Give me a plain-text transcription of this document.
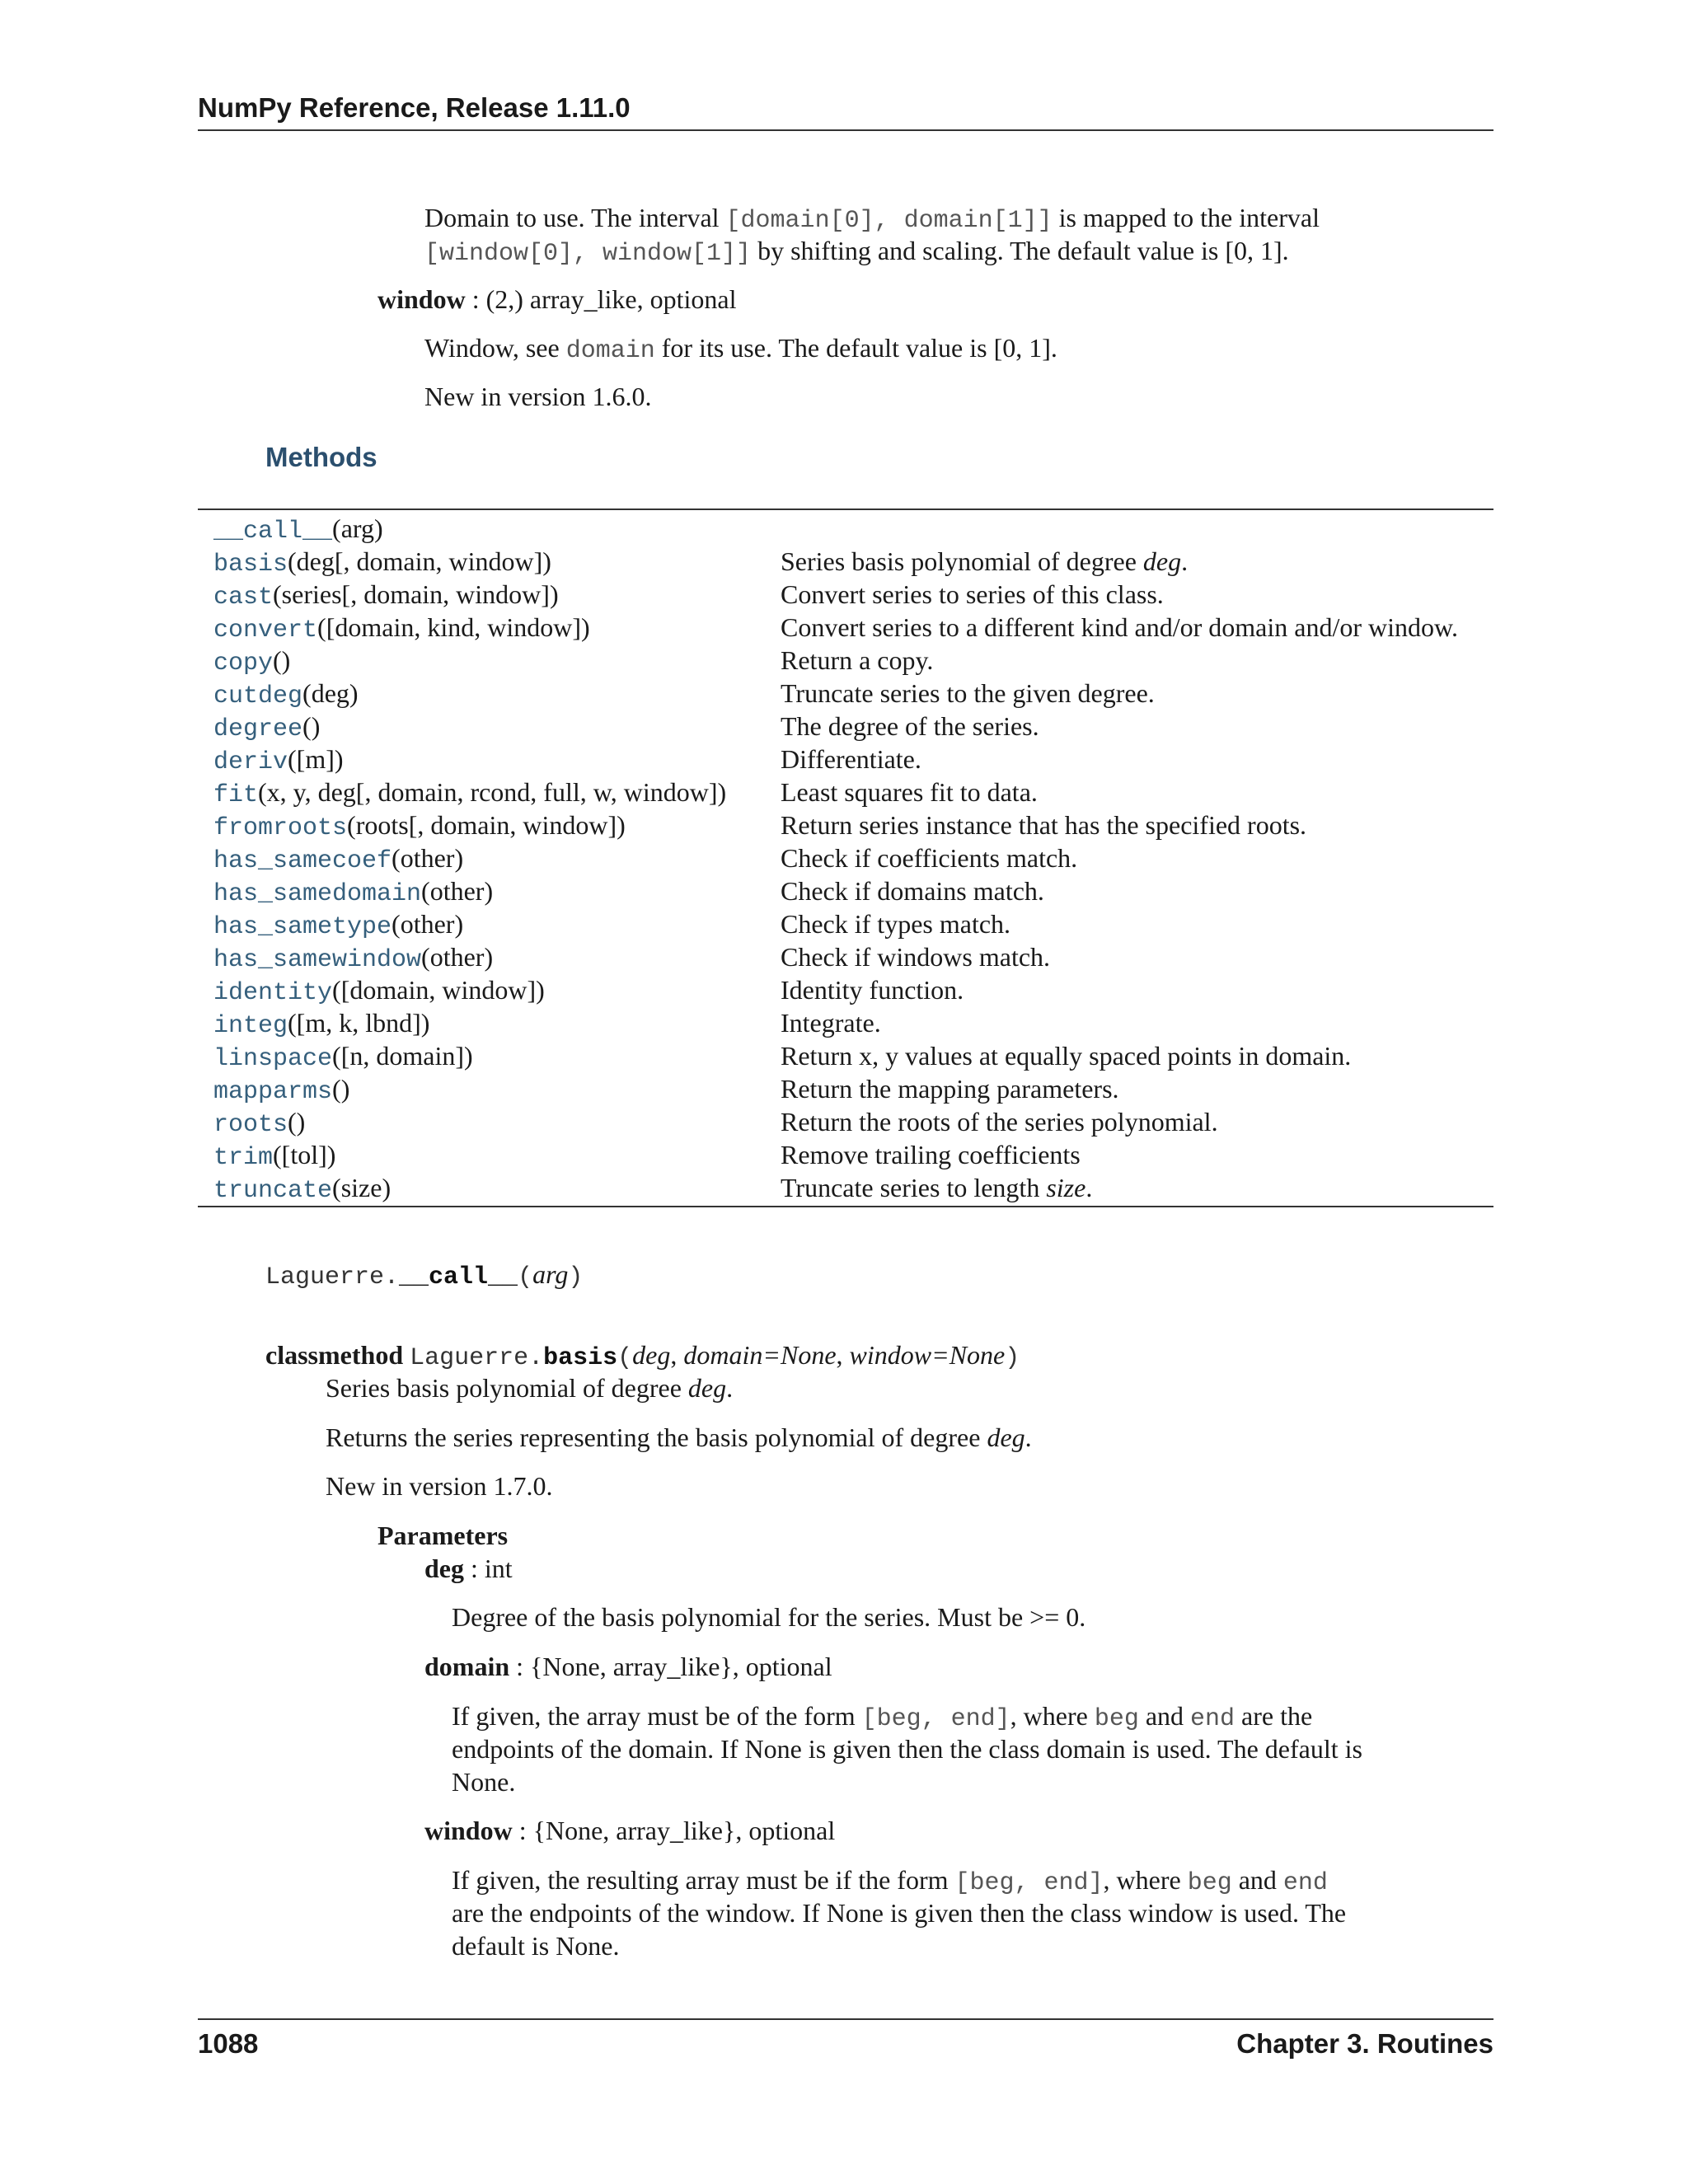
NumPy Reference, Release 1.11.0
Domain to use. The interval [domain[0], domain[1]] is mapped to the interval
[window[0], window[1]] by shifting and scaling. The default value is [0, 1].
window : (2,) array_like, optional
Window, see domain for its use. The default value is [0, 1].
New in version 1.6.0.
Methods
__call__(arg)
basis(deg[, domain, window])	Series basis polynomial of degree deg.
cast(series[, domain, window])	Convert series to series of this class.
convert([domain, kind, window])	Convert series to a different kind and/or domain and/or window.
copy()	Return a copy.
cutdeg(deg)	Truncate series to the given degree.
degree()	The degree of the series.
deriv([m])	Differentiate.
fit(x, y, deg[, domain, rcond, full, w, window])	Least squares fit to data.
fromroots(roots[, domain, window])	Return series instance that has the specified roots.
has_samecoef(other)	Check if coefficients match.
has_samedomain(other)	Check if domains match.
has_sametype(other)	Check if types match.
has_samewindow(other)	Check if windows match.
identity([domain, window])	Identity function.
integ([m, k, lbnd])	Integrate.
linspace([n, domain])	Return x, y values at equally spaced points in domain.
mapparms()	Return the mapping parameters.
roots()	Return the roots of the series polynomial.
trim([tol])	Remove trailing coefficients
truncate(size)	Truncate series to length size.
Laguerre.__call__(arg)
classmethod Laguerre.basis(deg, domain=None, window=None)
Series basis polynomial of degree deg.
Returns the series representing the basis polynomial of degree deg.
New in version 1.7.0.
Parameters
deg : int
Degree of the basis polynomial for the series. Must be >= 0.
domain : {None, array_like}, optional
If given, the array must be of the form [beg, end], where beg and end are the
endpoints of the domain. If None is given then the class domain is used. The default is
None.
window : {None, array_like}, optional
If given, the resulting array must be if the form [beg, end], where beg and end
are the endpoints of the window. If None is given then the class window is used. The
default is None.
1088	Chapter 3. Routines
